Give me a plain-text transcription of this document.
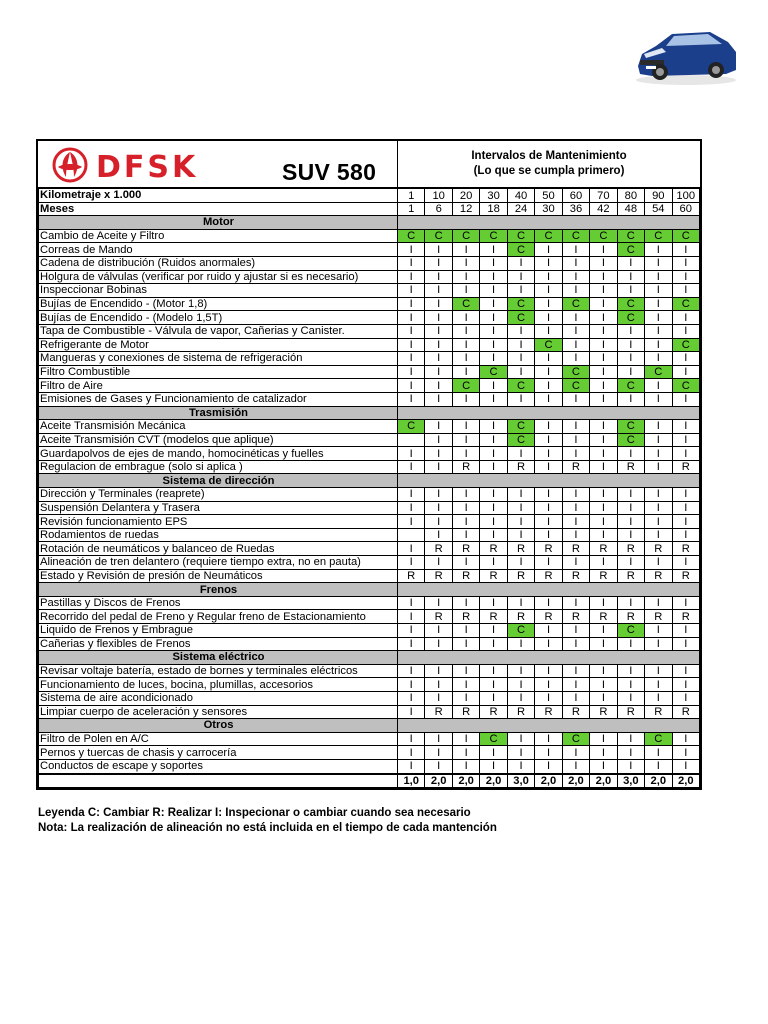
DFSK	SUV 580
Intervalos de Mantenimiento
(Lo que se cumpla primero)
Kilometraje x 1.000	1	10	20	30	40	50	60	70	80	90	100
Meses	1	6	12	18	24	30	36	42	48	54	60
Motor											
Cambio de Aceite y Filtro	C	C	C	C	C	C	C	C	C	C	C
Correas de Mando	I	I	I	I	C	I	I	I	C	I	I
Cadena de distribución (Ruidos anormales)	I	I	I	I	I	I	I	I	I	I	I
Holgura de válvulas (verificar por ruido y ajustar si es necesario)	I	I	I	I	I	I	I	I	I	I	I
Inspeccionar Bobinas	I	I	I	I	I	I	I	I	I	I	I
Bujías de Encendido - (Motor 1,8)	I	I	C	I	C	I	C	I	C	I	C
Bujías de Encendido - (Modelo 1,5T)	I	I	I	I	C	I	I	I	C	I	I
Tapa de Combustible - Válvula de vapor, Cañerias y Canister.	I	I	I	I	I	I	I	I	I	I	I
Refrigerante de Motor	I	I	I	I	I	C	I	I	I	I	C
Mangueras y conexiones de sistema de refrigeración	I	I	I	I	I	I	I	I	I	I	I
Filtro Combustible	I	I	I	C	I	I	C	I	I	C	I
Filtro de Aire	I	I	C	I	C	I	C	I	C	I	C
Emisiones de Gases y Funcionamiento de catalizador	I	I	I	I	I	I	I	I	I	I	I
Trasmisión											
Aceite Transmisión Mecánica	C	I	I	I	C	I	I	I	C	I	I
Aceite Transmisión CVT (modelos que aplique)		I	I	I	C	I	I	I	C	I	I
Guardapolvos de ejes de mando, homocinéticas y fuelles	I	I	I	I	I	I	I	I	I	I	I
Regulacion de embrague (solo si aplica )	I	I	R	I	R	I	R	I	R	I	R
Sistema de dirección											
Dirección y Terminales (reaprete)	I	I	I	I	I	I	I	I	I	I	I
Suspensión Delantera y Trasera	I	I	I	I	I	I	I	I	I	I	I
Revisión funcionamiento EPS	I	I	I	I	I	I	I	I	I	I	I
Rodamientos de ruedas		I	I	I	I	I	I	I	I	I	I
Rotación de neumáticos y balanceo de Ruedas	I	R	R	R	R	R	R	R	R	R	R
Alineación de tren delantero (requiere tiempo extra, no en pauta)	I	I	I	I	I	I	I	I	I	I	I
Estado y Revisión de presión de Neumáticos	R	R	R	R	R	R	R	R	R	R	R
Frenos											
Pastillas y Discos de Frenos	I	I	I	I	I	I	I	I	I	I	I
Recorrido del pedal de Freno y Regular freno de Estacionamiento	I	R	R	R	R	R	R	R	R	R	R
Liquido de Frenos y Embrague	I	I	I	I	C	I	I	I	C	I	I
Cañerias y flexibles de Frenos	I	I	I	I	I	I	I	I	I	I	I
Sistema eléctrico											
Revisar voltaje batería, estado de bornes y terminales eléctricos	I	I	I	I	I	I	I	I	I	I	I
Funcionamiento de luces, bocina, plumillas, accesorios	I	I	I	I	I	I	I	I	I	I	I
Sistema de aire acondicionado	I	I	I	I	I	I	I	I	I	I	I
Limpiar cuerpo de aceleración y sensores	I	R	R	R	R	R	R	R	R	R	R
Otros											
Filtro de Polen en A/C	I	I	I	C	I	I	C	I	I	C	I
Pernos y tuercas de chasis y carrocería	I	I	I	I	I	I	I	I	I	I	I
Conductos de escape y soportes	I	I	I	I	I	I	I	I	I	I	I
	1,0	2,0	2,0	2,0	3,0	2,0	2,0	2,0	3,0	2,0	2,0
Leyenda C: Cambiar R: Realizar I: Inspecionar o cambiar cuando sea necesario
Nota: La realización de alineación no está incluida en el tiempo de cada mantención
